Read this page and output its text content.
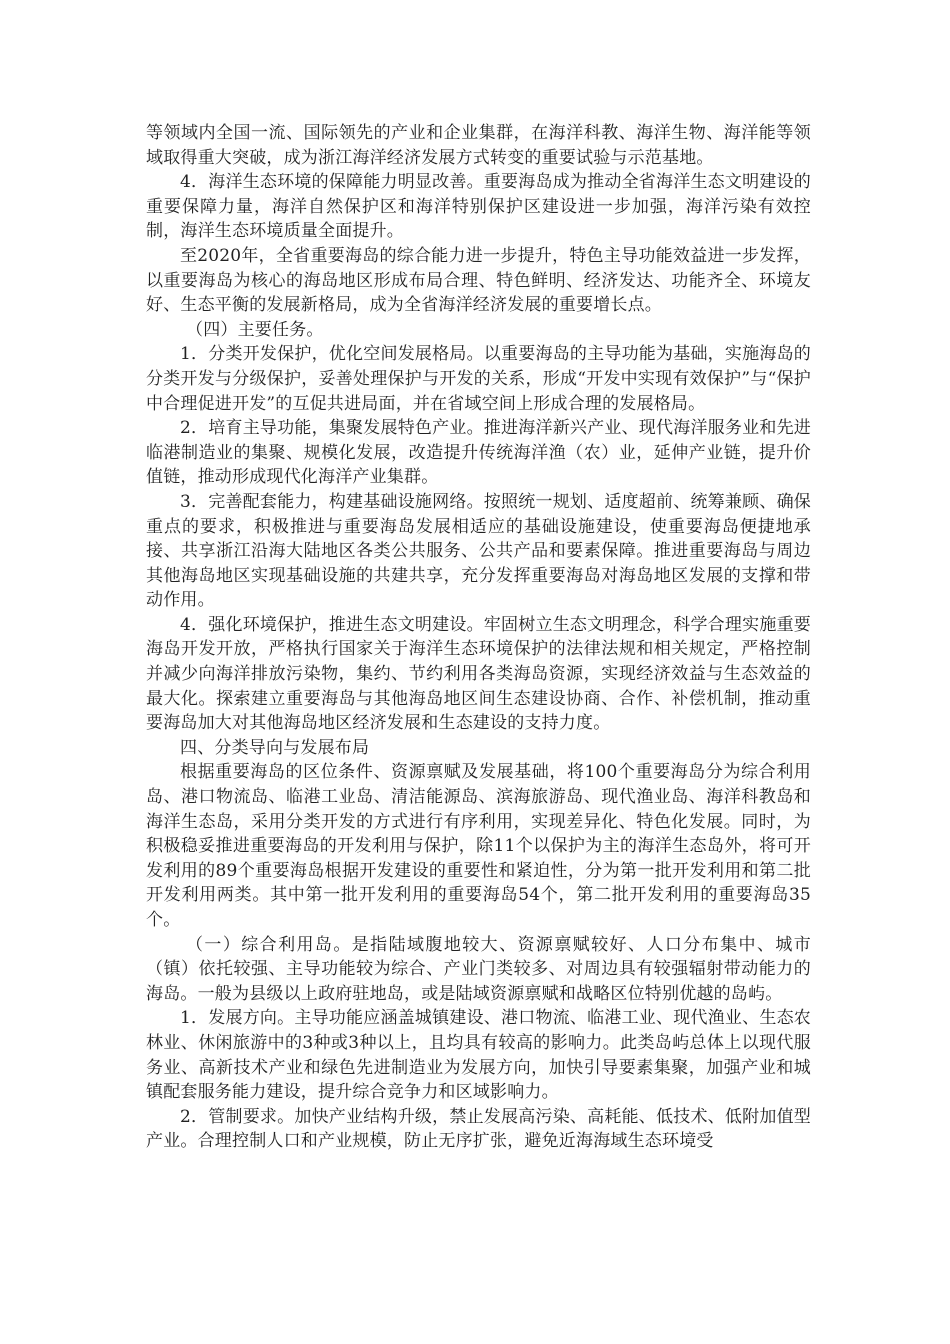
等领域内全国一流、国际领先的产业和企业集群，在海洋科教、海洋生物、海洋能等领域取得重大突破，成为浙江海洋经济发展方式转变的重要试验与示范基地。

4．海洋生态环境的保障能力明显改善。重要海岛成为推动全省海洋生态文明建设的重要保障力量，海洋自然保护区和海洋特别保护区建设进一步加强，海洋污染有效控制，海洋生态环境质量全面提升。

至2020年，全省重要海岛的综合能力进一步提升，特色主导功能效益进一步发挥，以重要海岛为核心的海岛地区形成布局合理、特色鲜明、经济发达、功能齐全、环境友好、生态平衡的发展新格局，成为全省海洋经济发展的重要增长点。

（四）主要任务。

1．分类开发保护，优化空间发展格局。以重要海岛的主导功能为基础，实施海岛的分类开发与分级保护，妥善处理保护与开发的关系，形成“开发中实现有效保护”与“保护中合理促进开发”的互促共进局面，并在省域空间上形成合理的发展格局。

2．培育主导功能，集聚发展特色产业。推进海洋新兴产业、现代海洋服务业和先进临港制造业的集聚、规模化发展，改造提升传统海洋渔（农）业，延伸产业链，提升价值链，推动形成现代化海洋产业集群。

3．完善配套能力，构建基础设施网络。按照统一规划、适度超前、统筹兼顾、确保重点的要求，积极推进与重要海岛发展相适应的基础设施建设，使重要海岛便捷地承接、共享浙江沿海大陆地区各类公共服务、公共产品和要素保障。推进重要海岛与周边其他海岛地区实现基础设施的共建共享，充分发挥重要海岛对海岛地区发展的支撑和带动作用。

4．强化环境保护，推进生态文明建设。牢固树立生态文明理念，科学合理实施重要海岛开发开放，严格执行国家关于海洋生态环境保护的法律法规和相关规定，严格控制并减少向海洋排放污染物，集约、节约利用各类海岛资源，实现经济效益与生态效益的最大化。探索建立重要海岛与其他海岛地区间生态建设协商、合作、补偿机制，推动重要海岛加大对其他海岛地区经济发展和生态建设的支持力度。

四、分类导向与发展布局

根据重要海岛的区位条件、资源禀赋及发展基础，将100个重要海岛分为综合利用岛、港口物流岛、临港工业岛、清洁能源岛、滨海旅游岛、现代渔业岛、海洋科教岛和海洋生态岛，采用分类开发的方式进行有序利用，实现差异化、特色化发展。同时，为积极稳妥推进重要海岛的开发利用与保护，除11个以保护为主的海洋生态岛外，将可开发利用的89个重要海岛根据开发建设的重要性和紧迫性，分为第一批开发利用和第二批开发利用两类。其中第一批开发利用的重要海岛54个，第二批开发利用的重要海岛35个。

（一）综合利用岛。是指陆域腹地较大、资源禀赋较好、人口分布集中、城市（镇）依托较强、主导功能较为综合、产业门类较多、对周边具有较强辐射带动能力的海岛。一般为县级以上政府驻地岛，或是陆域资源禀赋和战略区位特别优越的岛屿。

1．发展方向。主导功能应涵盖城镇建设、港口物流、临港工业、现代渔业、生态农林业、休闲旅游中的3种或3种以上，且均具有较高的影响力。此类岛屿总体上以现代服务业、高新技术产业和绿色先进制造业为发展方向，加快引导要素集聚，加强产业和城镇配套服务能力建设，提升综合竞争力和区域影响力。

2．管制要求。加快产业结构升级，禁止发展高污染、高耗能、低技术、低附加值型产业。合理控制人口和产业规模，防止无序扩张，避免近海海域生态环境受
